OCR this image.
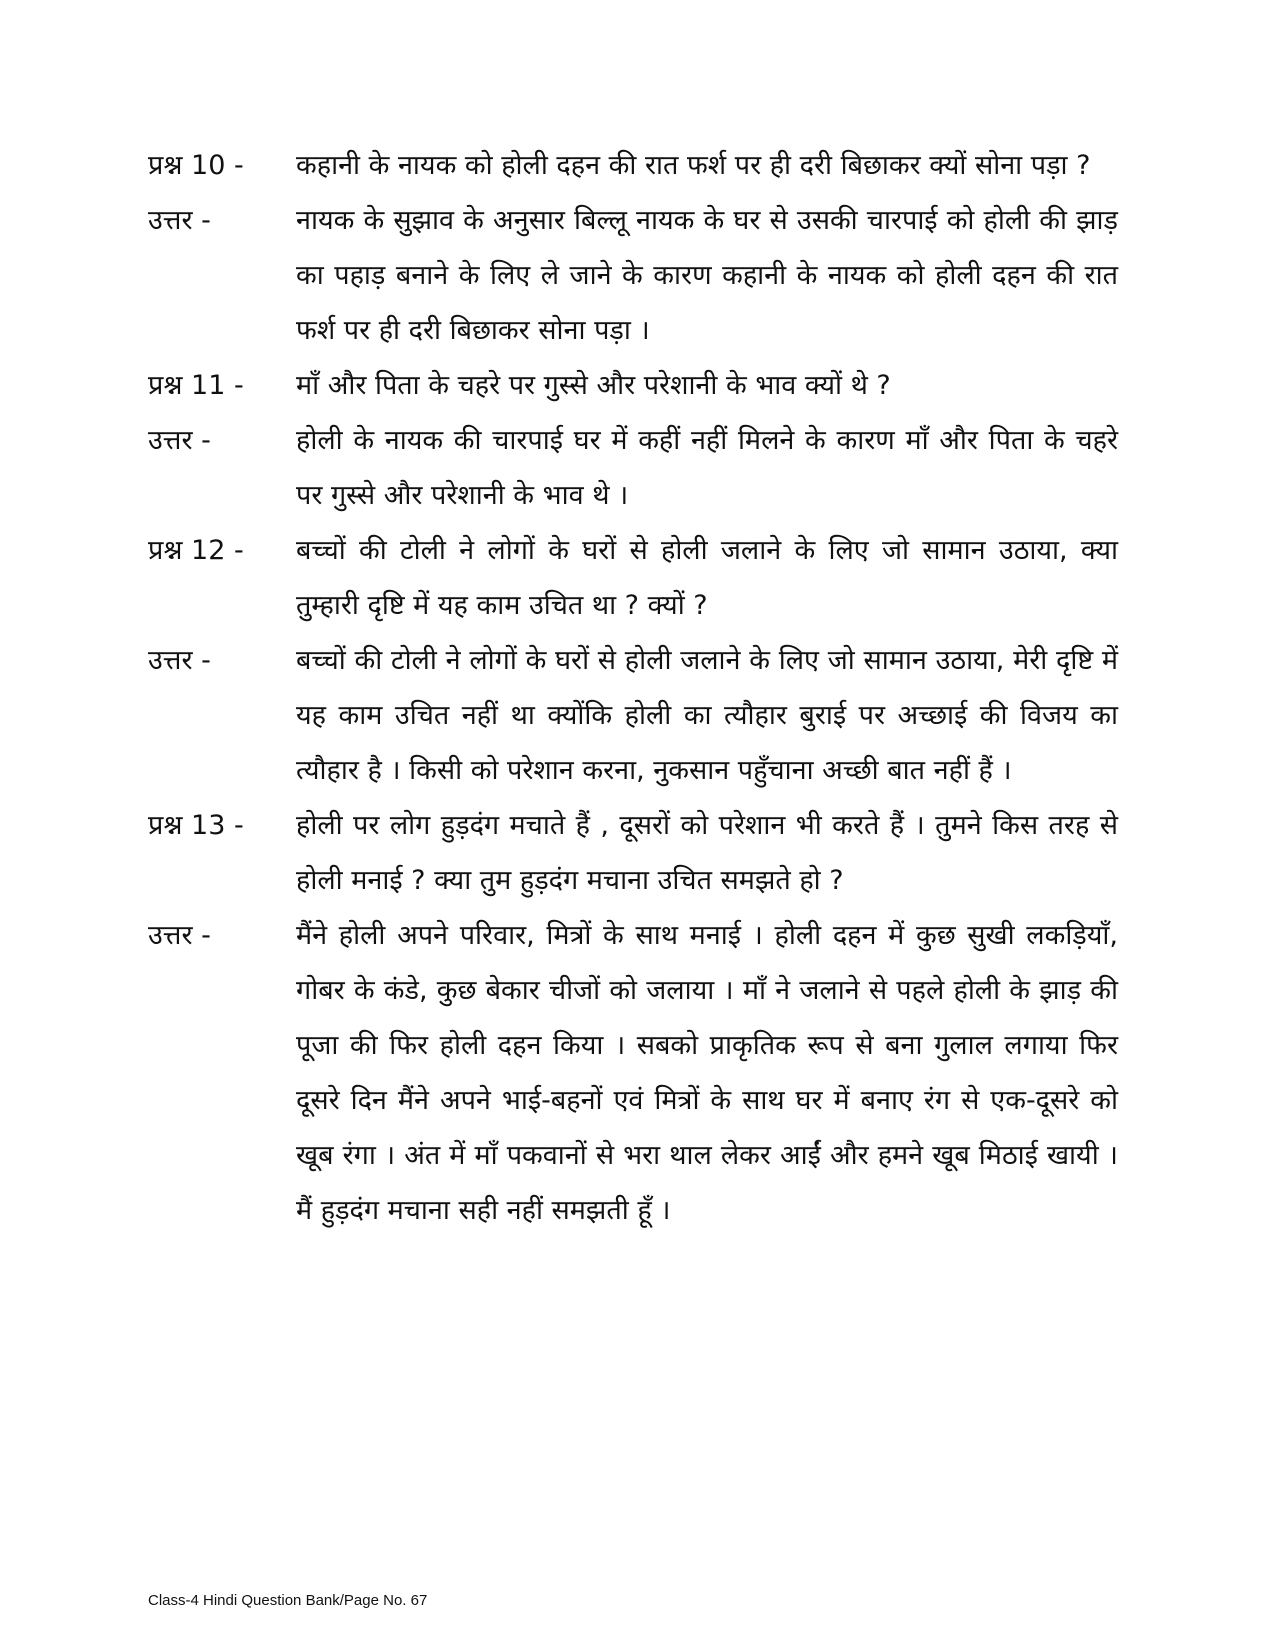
प्रश्न 10 -	कहानी के नायक को होली दहन की रात फर्श पर ही दरी बिछाकर क्यों सोना पड़ा ?
उत्तर -	नायक के सुझाव के अनुसार बिल्लू नायक के घर से उसकी चारपाई को होली की झाड़ का पहाड़ बनाने के लिए ले जाने के कारण कहानी के नायक को होली दहन की रात फर्श पर ही दरी बिछाकर सोना पड़ा ।
प्रश्न 11 -	माँ और पिता के चहरे पर गुस्से और परेशानी के भाव क्यों थे ?
उत्तर -	होली के नायक की चारपाई घर में कहीं नहीं मिलने के कारण माँ और पिता के चहरे पर गुस्से और परेशानी के भाव थे ।
प्रश्न 12 -	बच्चों की टोली ने लोगों के घरों से होली जलाने के लिए जो सामान उठाया, क्या तुम्हारी दृष्टि में यह काम उचित था ? क्यों ?
उत्तर -	बच्चों की टोली ने लोगों के घरों से होली जलाने के लिए जो सामान उठाया, मेरी दृष्टि में यह काम उचित नहीं था क्योंकि होली का त्यौहार बुराई पर अच्छाई की विजय का त्यौहार है । किसी को परेशान करना, नुकसान पहुँचाना अच्छी बात नहीं हैं ।
प्रश्न 13 -	होली पर लोग हुड़दंग मचाते हैं , दूसरों को परेशान भी करते हैं । तुमने किस तरह से होली मनाई ? क्या तुम हुड़दंग मचाना उचित समझते हो ?
उत्तर -	मैंने होली अपने परिवार, मित्रों के साथ मनाई । होली दहन में कुछ सुखी लकड़ियाँ, गोबर के कंडे, कुछ बेकार चीजों को जलाया । माँ ने जलाने से पहले होली के झाड़ की पूजा की फिर होली दहन किया । सबको प्राकृतिक रूप से बना गुलाल लगाया फिर दूसरे दिन मैंने अपने भाई-बहनों एवं मित्रों के साथ घर में बनाए रंग से एक-दूसरे को खूब रंगा । अंत में माँ पकवानों से भरा थाल लेकर आईं और हमने खूब मिठाई खायी । मैं हुड़दंग मचाना सही नहीं समझती हूँ ।
Class-4 Hindi Question Bank/Page No. 67
